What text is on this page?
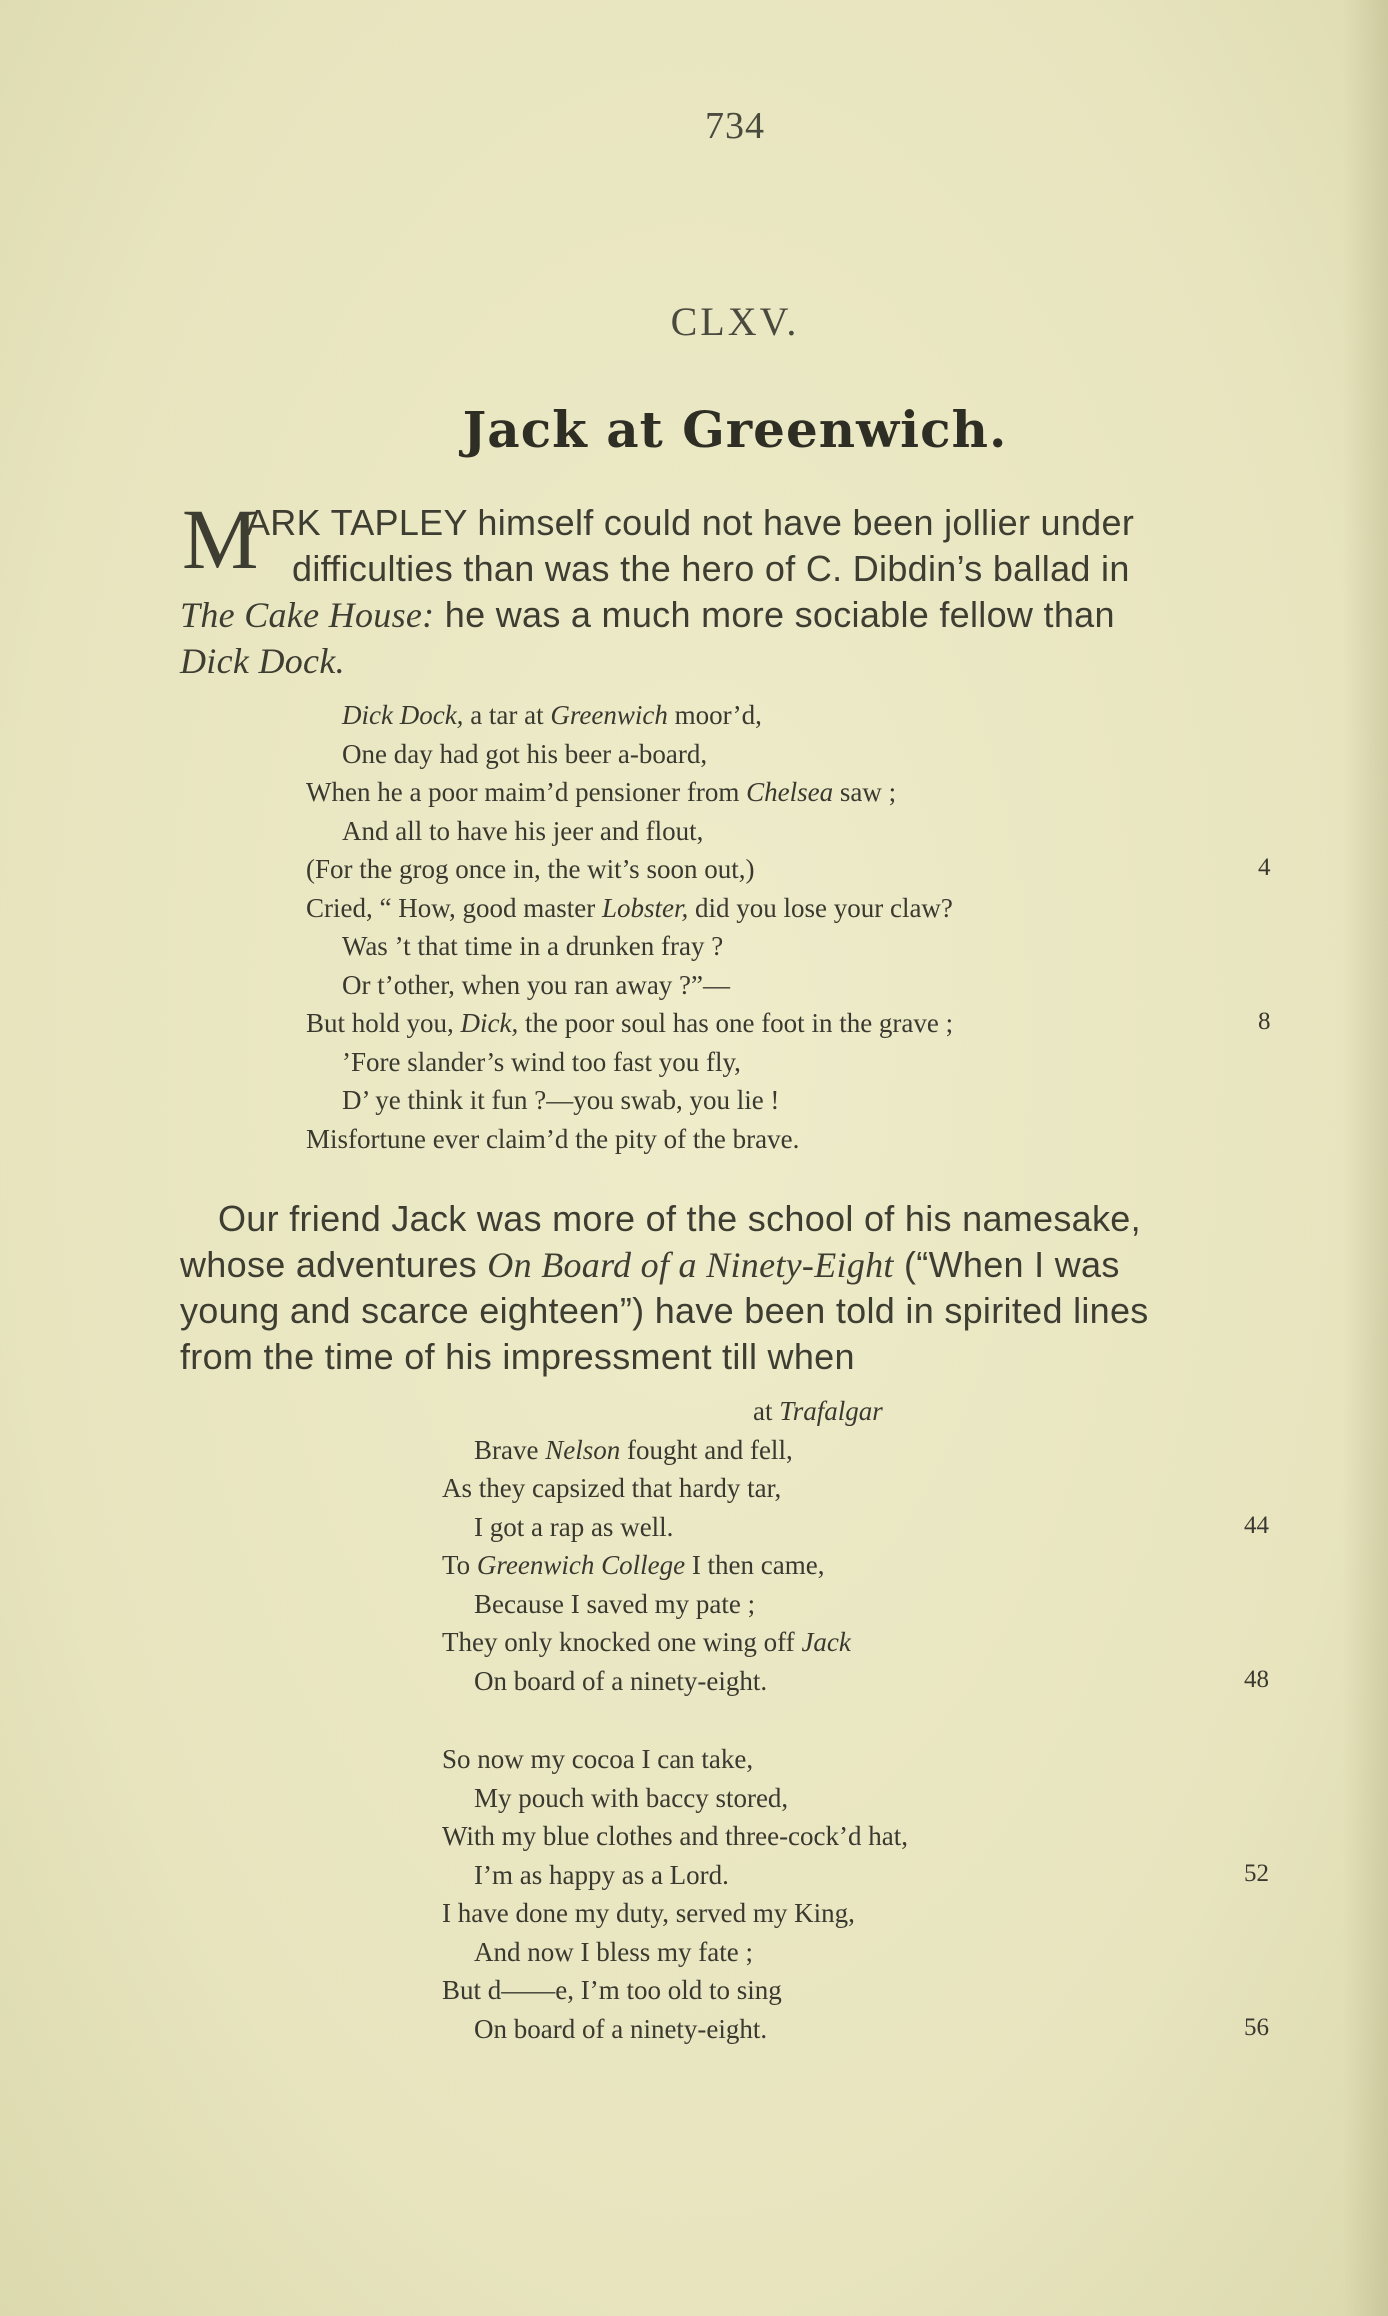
734
CLXV.
Jack at Greenwich.
M
ARK TAPLEY himself could not have been jollier under
difficulties than was the hero of C. Dibdin’s ballad in
The Cake House: he was a much more sociable fellow than
Dick Dock.
Dick Dock, a tar at Greenwich moor’d,
One day had got his beer a-board,
When he a poor maim’d pensioner from Chelsea saw ;
And all to have his jeer and flout,
(For the grog once in, the wit’s soon out,)	4
Cried, “ How, good master Lobster, did you lose your claw?
Was ’t that time in a drunken fray ?
Or t’other, when you ran away ?”—
But hold you, Dick, the poor soul has one foot in the grave ;	8
’Fore slander’s wind too fast you fly,
D’ ye think it fun ?—you swab, you lie !
Misfortune ever claim’d the pity of the brave.
Our friend Jack was more of the school of his namesake,
whose adventures On Board of a Ninety-Eight (“When I was
young and scarce eighteen”) have been told in spirited lines
from the time of his impressment till when
at Trafalgar
Brave Nelson fought and fell,
As they capsized that hardy tar,
I got a rap as well.	44
To Greenwich College I then came,
Because I saved my pate ;
They only knocked one wing off Jack
On board of a ninety-eight.	48
So now my cocoa I can take,
My pouch with baccy stored,
With my blue clothes and three-cock’d hat,
I’m as happy as a Lord.	52
I have done my duty, served my King,
And now I bless my fate ;
But d——e, I’m too old to sing
On board of a ninety-eight.	56
